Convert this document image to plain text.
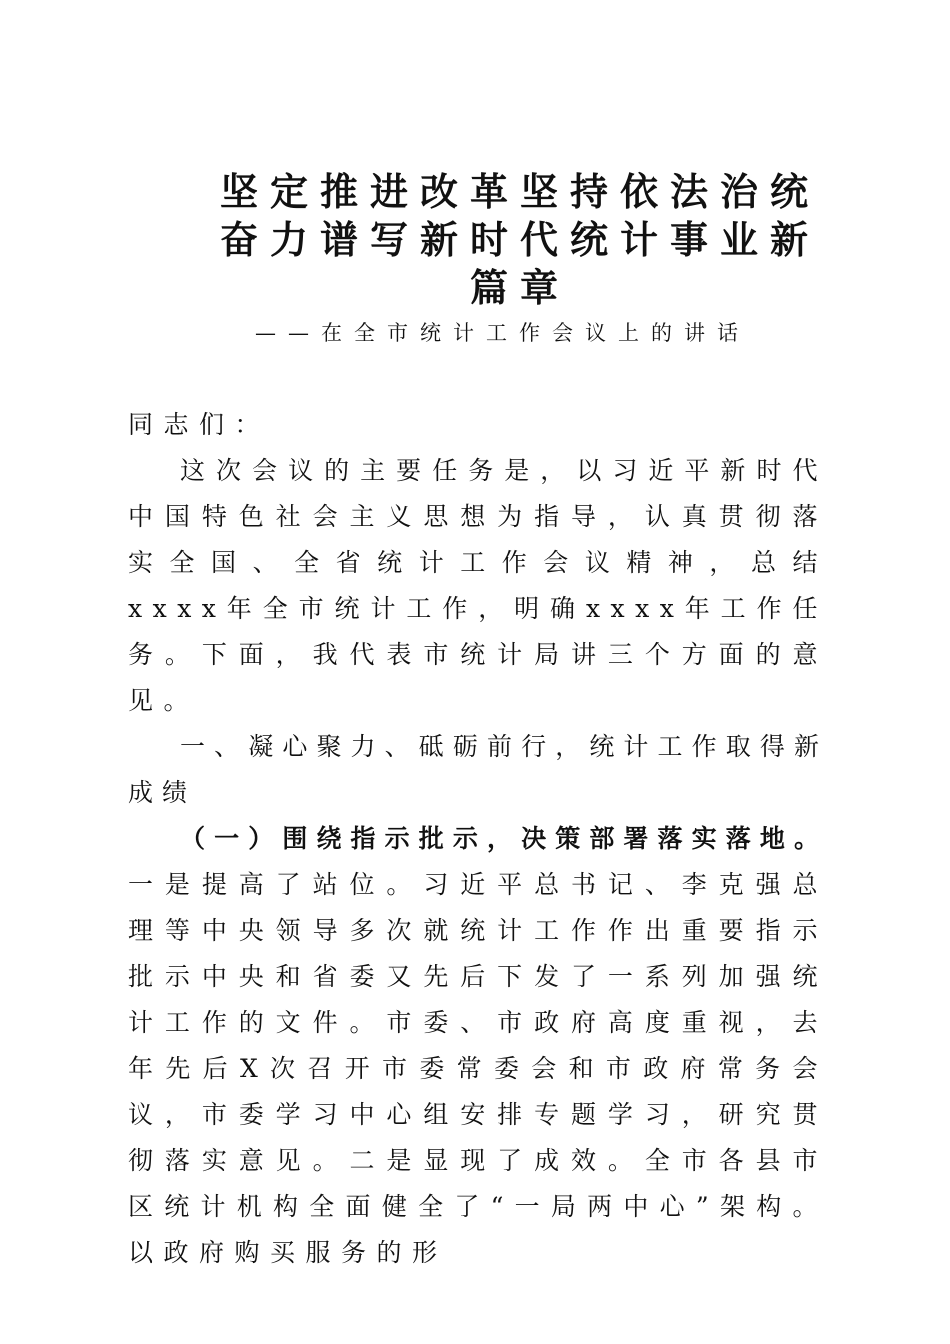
坚定推进改革坚持依法治统
奋力谱写新时代统计事业新
篇章
——在全市统计工作会议上的讲话

同志们：

这次会议的主要任务是，以习近平新时代中国特色社会主义思想为指导，认真贯彻落实全国、全省统计工作会议精神，总结xxxx年全市统计工作，明确xxxx年工作任务。下面，我代表市统计局讲三个方面的意见。

一、凝心聚力、砥砺前行，统计工作取得新成绩

（一）围绕指示批示，决策部署落实落地。一是提高了站位。习近平总书记、李克强总理等中央领导多次就统计工作作出重要指示批示中央和省委又先后下发了一系列加强统计工作的文件。市委、市政府高度重视，去年先后X次召开市委常委会和市政府常务会议，市委学习中心组安排专题学习，研究贯彻落实意见。二是显现了成效。全市各县市区统计机构全面健全了“一局两中心”架构。以政府购买服务的形
